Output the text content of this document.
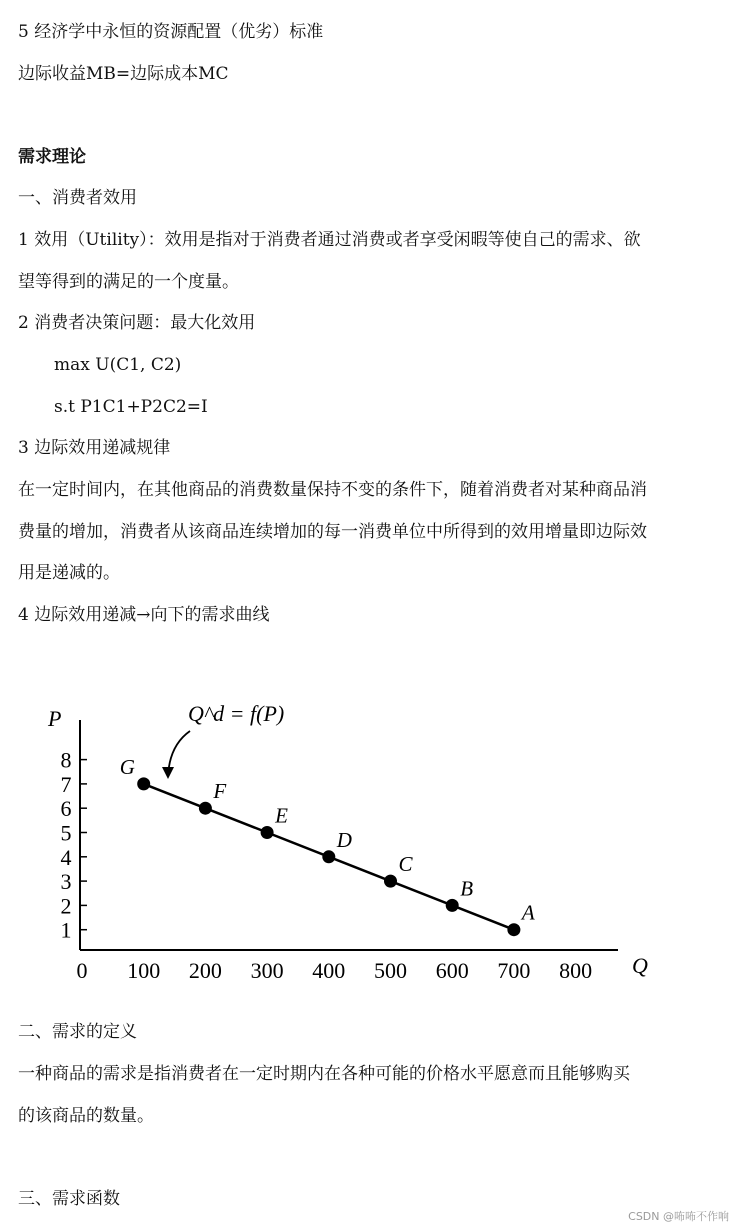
5 经济学中永恒的资源配置（优劣）标准
边际收益MB=边际成本MC
需求理论
一、消费者效用
1 效用（Utility）：效用是指对于消费者通过消费或者享受闲暇等使自己的需求、欲
望等得到的满足的一个度量。
2 消费者决策问题：最大化效用
max U(C1, C2)
s.t P1C1+P2C2=I
3 边际效用递减规律
在一定时间内，在其他商品的消费数量保持不变的条件下，随着消费者对某种商品消
费量的增加，消费者从该商品连续增加的每一消费单位中所得到的效用增量即边际效
用是递减的。
4 边际效用递减→向下的需求曲线
P
Q
Q^d = f(P)
1
2
3
4
5
6
7
8
0 100 200 300 400 500 600 700 800
G
F
E
D
C
B
A
二、需求的定义
一种商品的需求是指消费者在一定时期内在各种可能的价格水平愿意而且能够购买
的该商品的数量。
三、需求函数
CSDN @咘咘不作响
